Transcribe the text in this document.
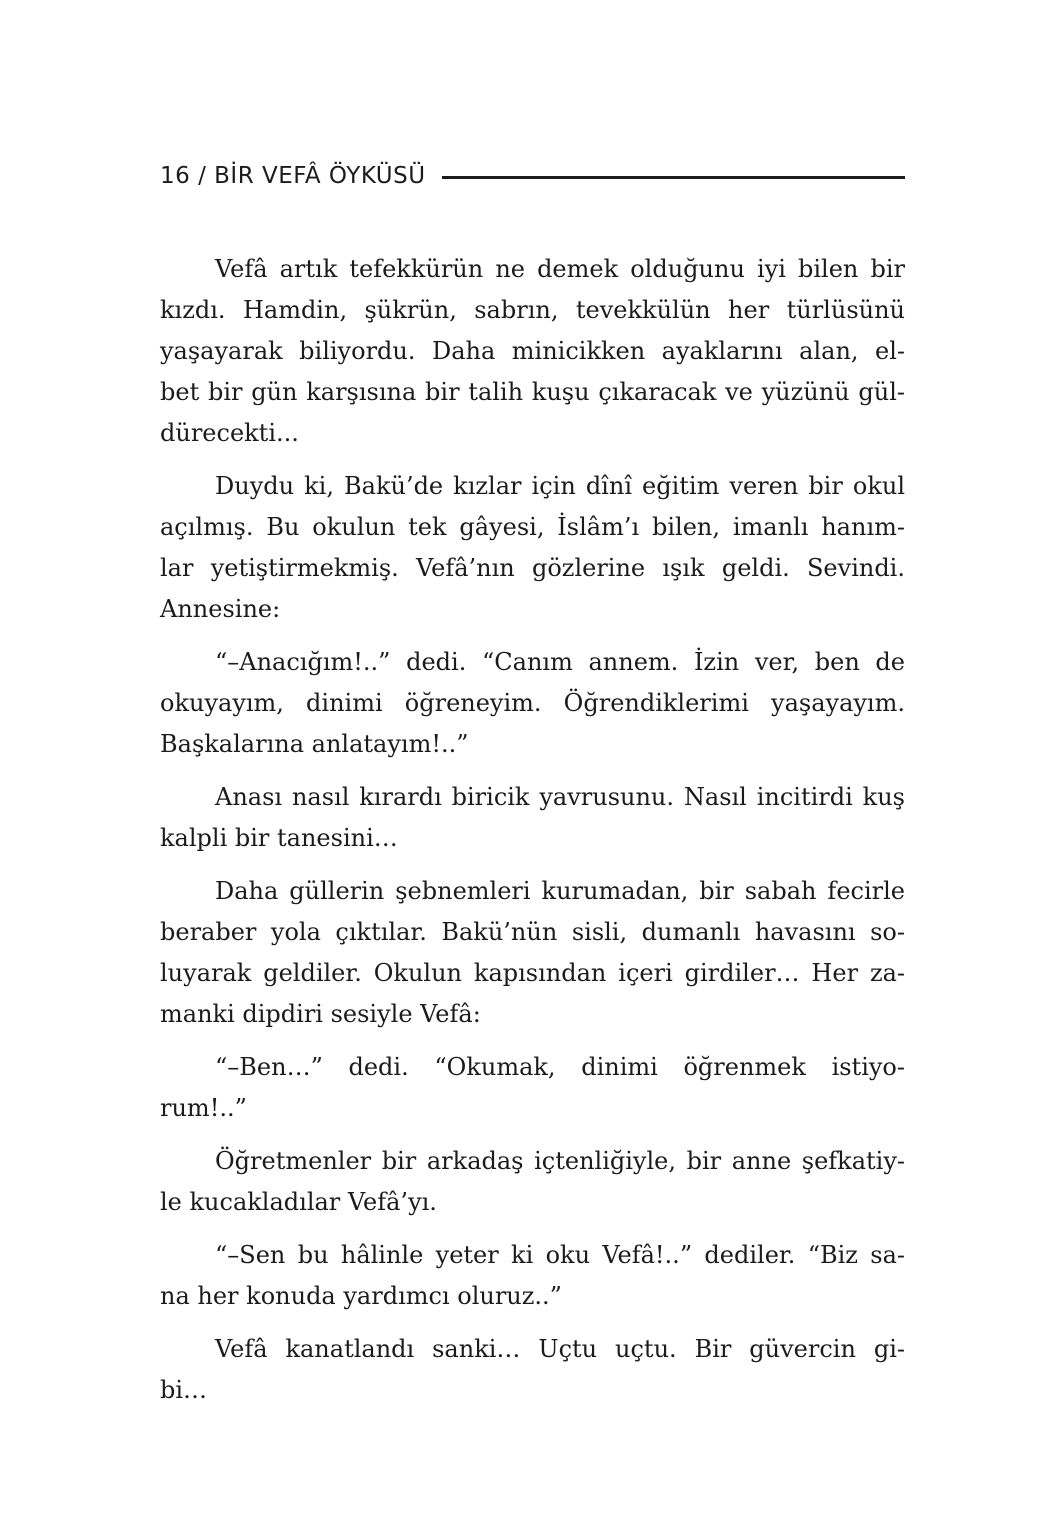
16 / BİR VEFÂ ÖYKÜSÜ
Vefâ artık tefekkürün ne demek olduğunu iyi bilen bir
kızdı. Hamdin, şükrün, sabrın, tevekkülün her türlüsünü
yaşayarak biliyordu. Daha minicikken ayaklarını alan, el-
bet bir gün karşısına bir talih kuşu çıkaracak ve yüzünü gül-
dürecekti...
Duydu ki, Bakü’de kızlar için dînî eğitim veren bir okul
açılmış. Bu okulun tek gâyesi, İslâm’ı bilen, imanlı hanım-
lar yetiştirmekmiş. Vefâ’nın gözlerine ışık geldi. Sevindi.
Annesine:
“–Anacığım!..” dedi. “Canım annem. İzin ver, ben de
okuyayım, dinimi öğreneyim. Öğrendiklerimi yaşayayım.
Başkalarına anlatayım!..”
Anası nasıl kırardı biricik yavrusunu. Nasıl incitirdi kuş
kalpli bir tanesini…
Daha güllerin şebnemleri kurumadan, bir sabah fecirle
beraber yola çıktılar. Bakü’nün sisli, dumanlı havasını so-
luyarak geldiler. Okulun kapısından içeri girdiler… Her za-
manki dipdiri sesiyle Vefâ:
“–Ben…” dedi. “Okumak, dinimi öğrenmek istiyo-
rum!..”
Öğretmenler bir arkadaş içtenliğiyle, bir anne şefkatiy-
le kucakladılar Vefâ’yı.
“–Sen bu hâlinle yeter ki oku Vefâ!..” dediler. “Biz sa-
na her konuda yardımcı oluruz..”
Vefâ kanatlandı sanki… Uçtu uçtu. Bir güvercin gi-
bi…
